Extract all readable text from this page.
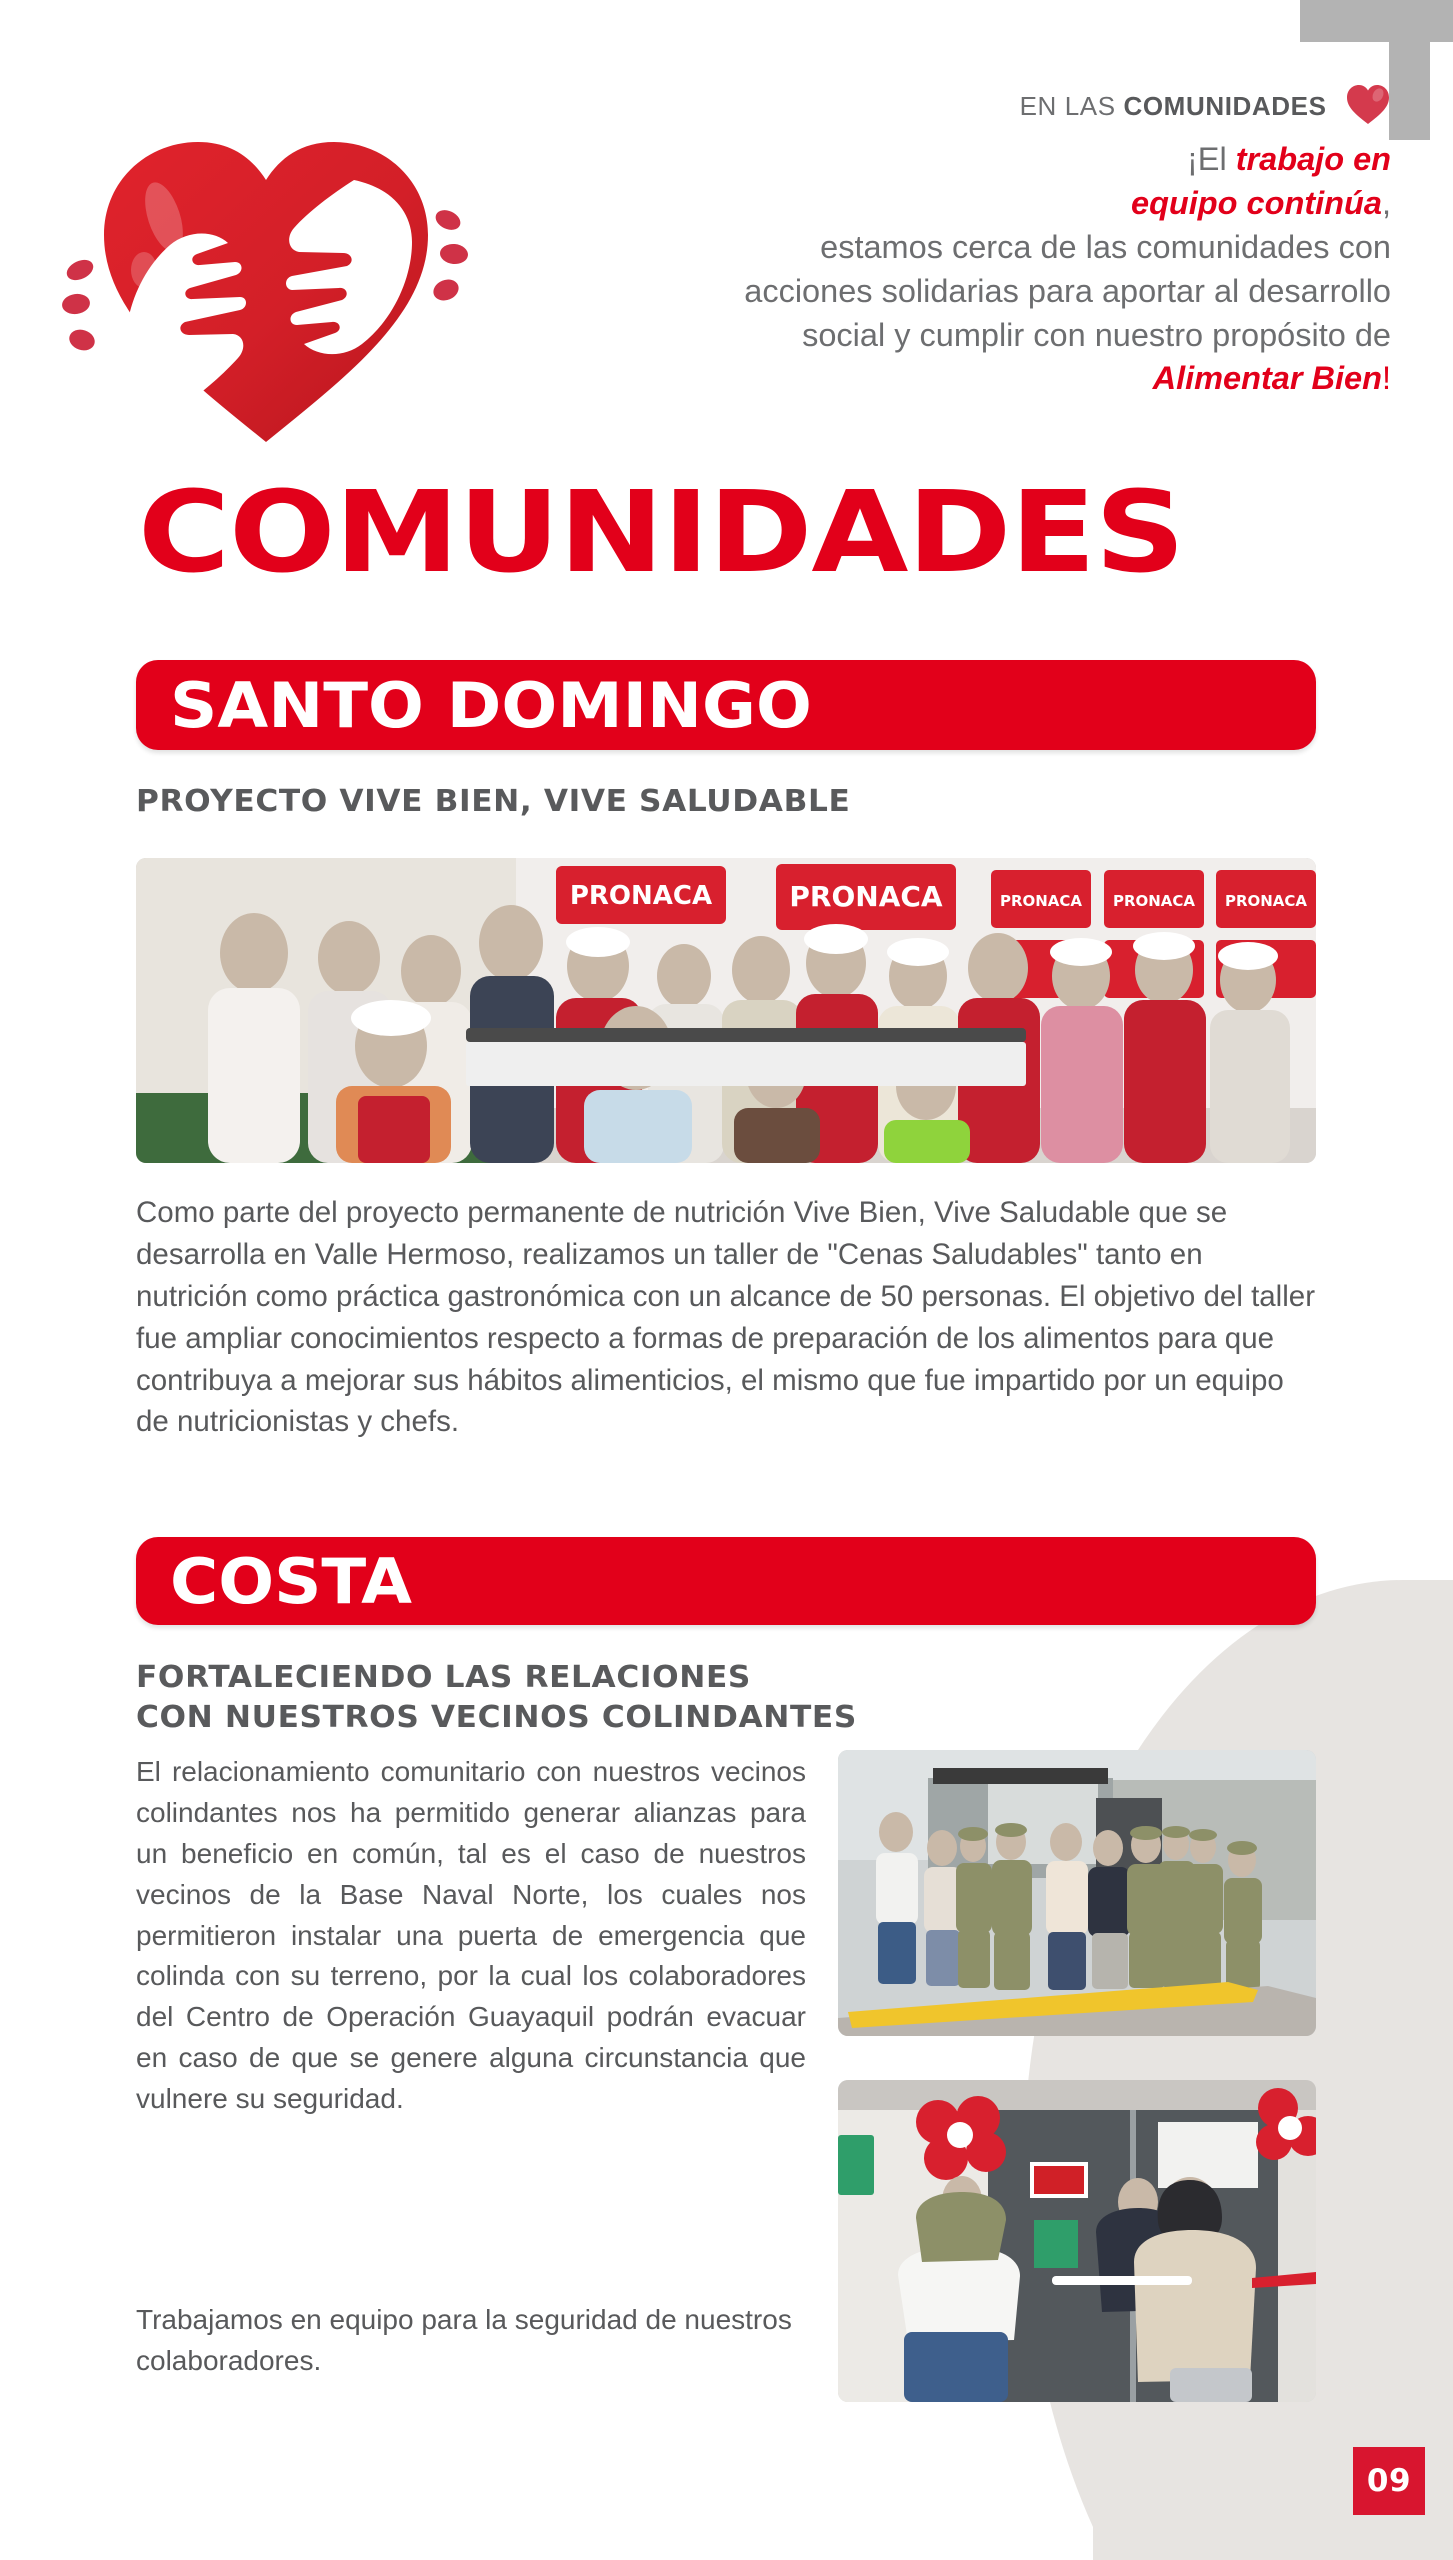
EN LAS COMUNIDADES
¡El trabajo en
equipo continúa,
estamos cerca de las comunidades con acciones solidarias para aportar al desarrollo social y cumplir con nuestro propósito de Alimentar Bien!
COMUNIDADES
SANTO DOMINGO
PROYECTO VIVE BIEN, VIVE SALUDABLE
PRONACA	PRONACA	PRONACA PRONACA PRONACA
Como parte del proyecto permanente de nutrición Vive Bien, Vive Saludable que se desarrolla en Valle Hermoso, realizamos un taller de "Cenas Saludables" tanto en nutrición como práctica gastronómica con un alcance de 50 personas. El objetivo del taller fue ampliar conocimientos respecto a formas de preparación de los alimentos para que contribuya a mejorar sus hábitos alimenticios, el mismo que fue impartido por un equipo de nutricionistas y chefs.
COSTA
FORTALECIENDO LAS RELACIONES
CON NUESTROS VECINOS COLINDANTES
El relacionamiento comunitario con nuestros vecinos colindantes nos ha permitido generar alianzas para un beneficio en común, tal es el caso de nuestros vecinos de la Base Naval Norte, los cuales nos permitieron instalar una puerta de emergencia que colinda con su terreno, por la cual los colaboradores del Centro de Operación Guayaquil podrán evacuar en caso de que se genere alguna circunstancia que vulnere su seguridad.
Trabajamos en equipo para la seguridad de nuestros colaboradores.
09
